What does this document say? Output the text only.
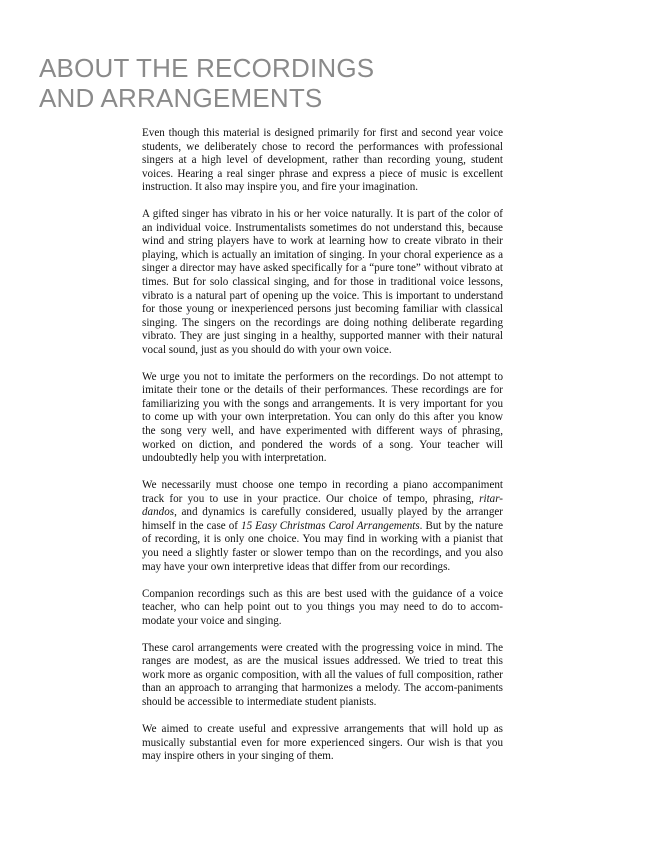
ABOUT THE RECORDINGS
AND ARRANGEMENTS

Even though this material is designed primarily for first and second year voice students, we deliberately chose to record the performances with professional singers at a high level of development, rather than recording young, student voices. Hearing a real singer phrase and express a piece of music is excellent instruction. It also may inspire you, and fire your imagination.

A gifted singer has vibrato in his or her voice naturally. It is part of the color of an individual voice. Instrumentalists sometimes do not understand this, because wind and string players have to work at learning how to create vibrato in their playing, which is actually an imitation of singing. In your choral experience as a singer a director may have asked specifically for a “pure tone” without vibrato at times. But for solo classical singing, and for those in traditional voice lessons, vibrato is a natural part of opening up the voice. This is important to understand for those young or inexperienced persons just becoming familiar with classical singing. The singers on the recordings are doing nothing deliberate regarding vibrato. They are just singing in a healthy, supported manner with their natural vocal sound, just as you should do with your own voice.

We urge you not to imitate the performers on the recordings. Do not attempt to imitate their tone or the details of their performances. These recordings are for familiarizing you with the songs and arrangements. It is very important for you to come up with your own interpretation. You can only do this after you know the song very well, and have experimented with different ways of phrasing, worked on diction, and pondered the words of a song. Your teacher will undoubtedly help you with interpretation.

We necessarily must choose one tempo in recording a piano accompaniment track for you to use in your practice. Our choice of tempo, phrasing, ritar-dandos, and dynamics is carefully considered, usually played by the arranger himself in the case of 15 Easy Christmas Carol Arrangements. But by the nature of recording, it is only one choice. You may find in working with a pianist that you need a slightly faster or slower tempo than on the recordings, and you also may have your own interpretive ideas that differ from our recordings.

Companion recordings such as this are best used with the guidance of a voice teacher, who can help point out to you things you may need to do to accom-modate your voice and singing.

These carol arrangements were created with the progressing voice in mind. The ranges are modest, as are the musical issues addressed. We tried to treat this work more as organic composition, with all the values of full composition, rather than an approach to arranging that harmonizes a melody. The accom-paniments should be accessible to intermediate student pianists.

We aimed to create useful and expressive arrangements that will hold up as musically substantial even for more experienced singers. Our wish is that you may inspire others in your singing of them.
